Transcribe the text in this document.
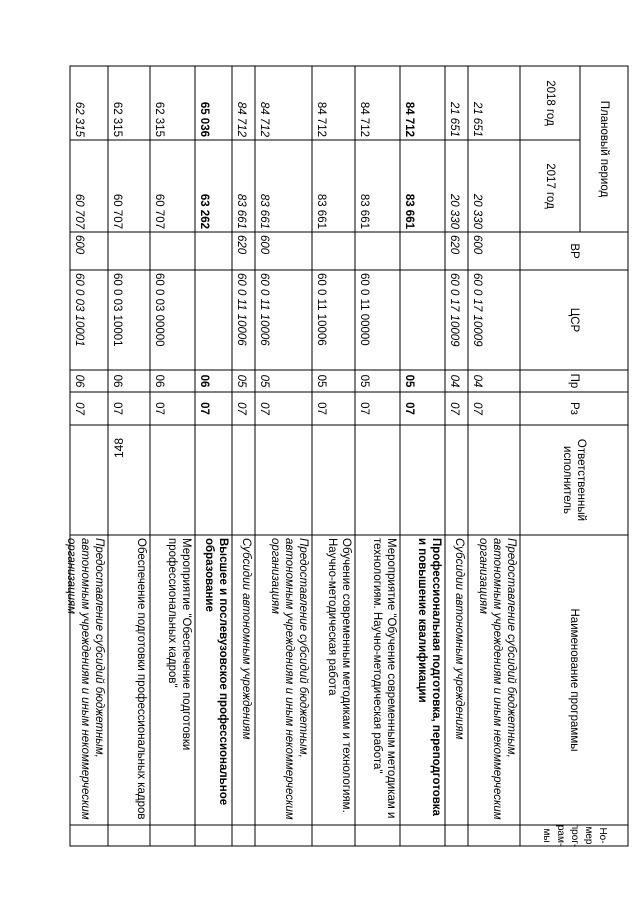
148
Но-мер прог-рам-мы
Наименование программы
Ответственный исполнитель
Рз
Пр
ЦСР
ВР
Плановый период
2017 год
2018 год
Предоставление субсидий бюджетным, автономным учреждениям и иным некоммерческим организациям
07
04
60 0 17 10009
600
20 330
21 651
Субсидии автономным учреждениям
07
04
60 0 17 10009
620
20 330
21 651
Профессиональная подготовка, переподготовка и повышение квалификации
07
05
83 661
84 712
Мероприятие "Обучение современным методикам и технологиям. Научно-методическая работа"
07
05
60 0 11 00000
83 661
84 712
Обучение современным методикам и технологиям. Научно-методическая работа
07
05
60 0 11 10006
83 661
84 712
Предоставление субсидий бюджетным, автономным учреждениям и иным некоммерческим организациям
07
05
60 0 11 10006
600
83 661
84 712
Субсидии автономным учреждениям
07
05
60 0 11 10006
620
83 661
84 712
Высшее и послевузовское профессиональное образование
07
06
63 262
65 036
Мероприятие "Обеспечение подготовки профессиональных кадров"
07
06
60 0 03 00000
60 707
62 315
Обеспечение подготовки профессиональных кадров
07
06
60 0 03 10001
60 707
62 315
Предоставление субсидий бюджетным, автономным учреждениям и иным некоммерческим организациям
07
06
60 0 03 10001
600
60 707
62 315
